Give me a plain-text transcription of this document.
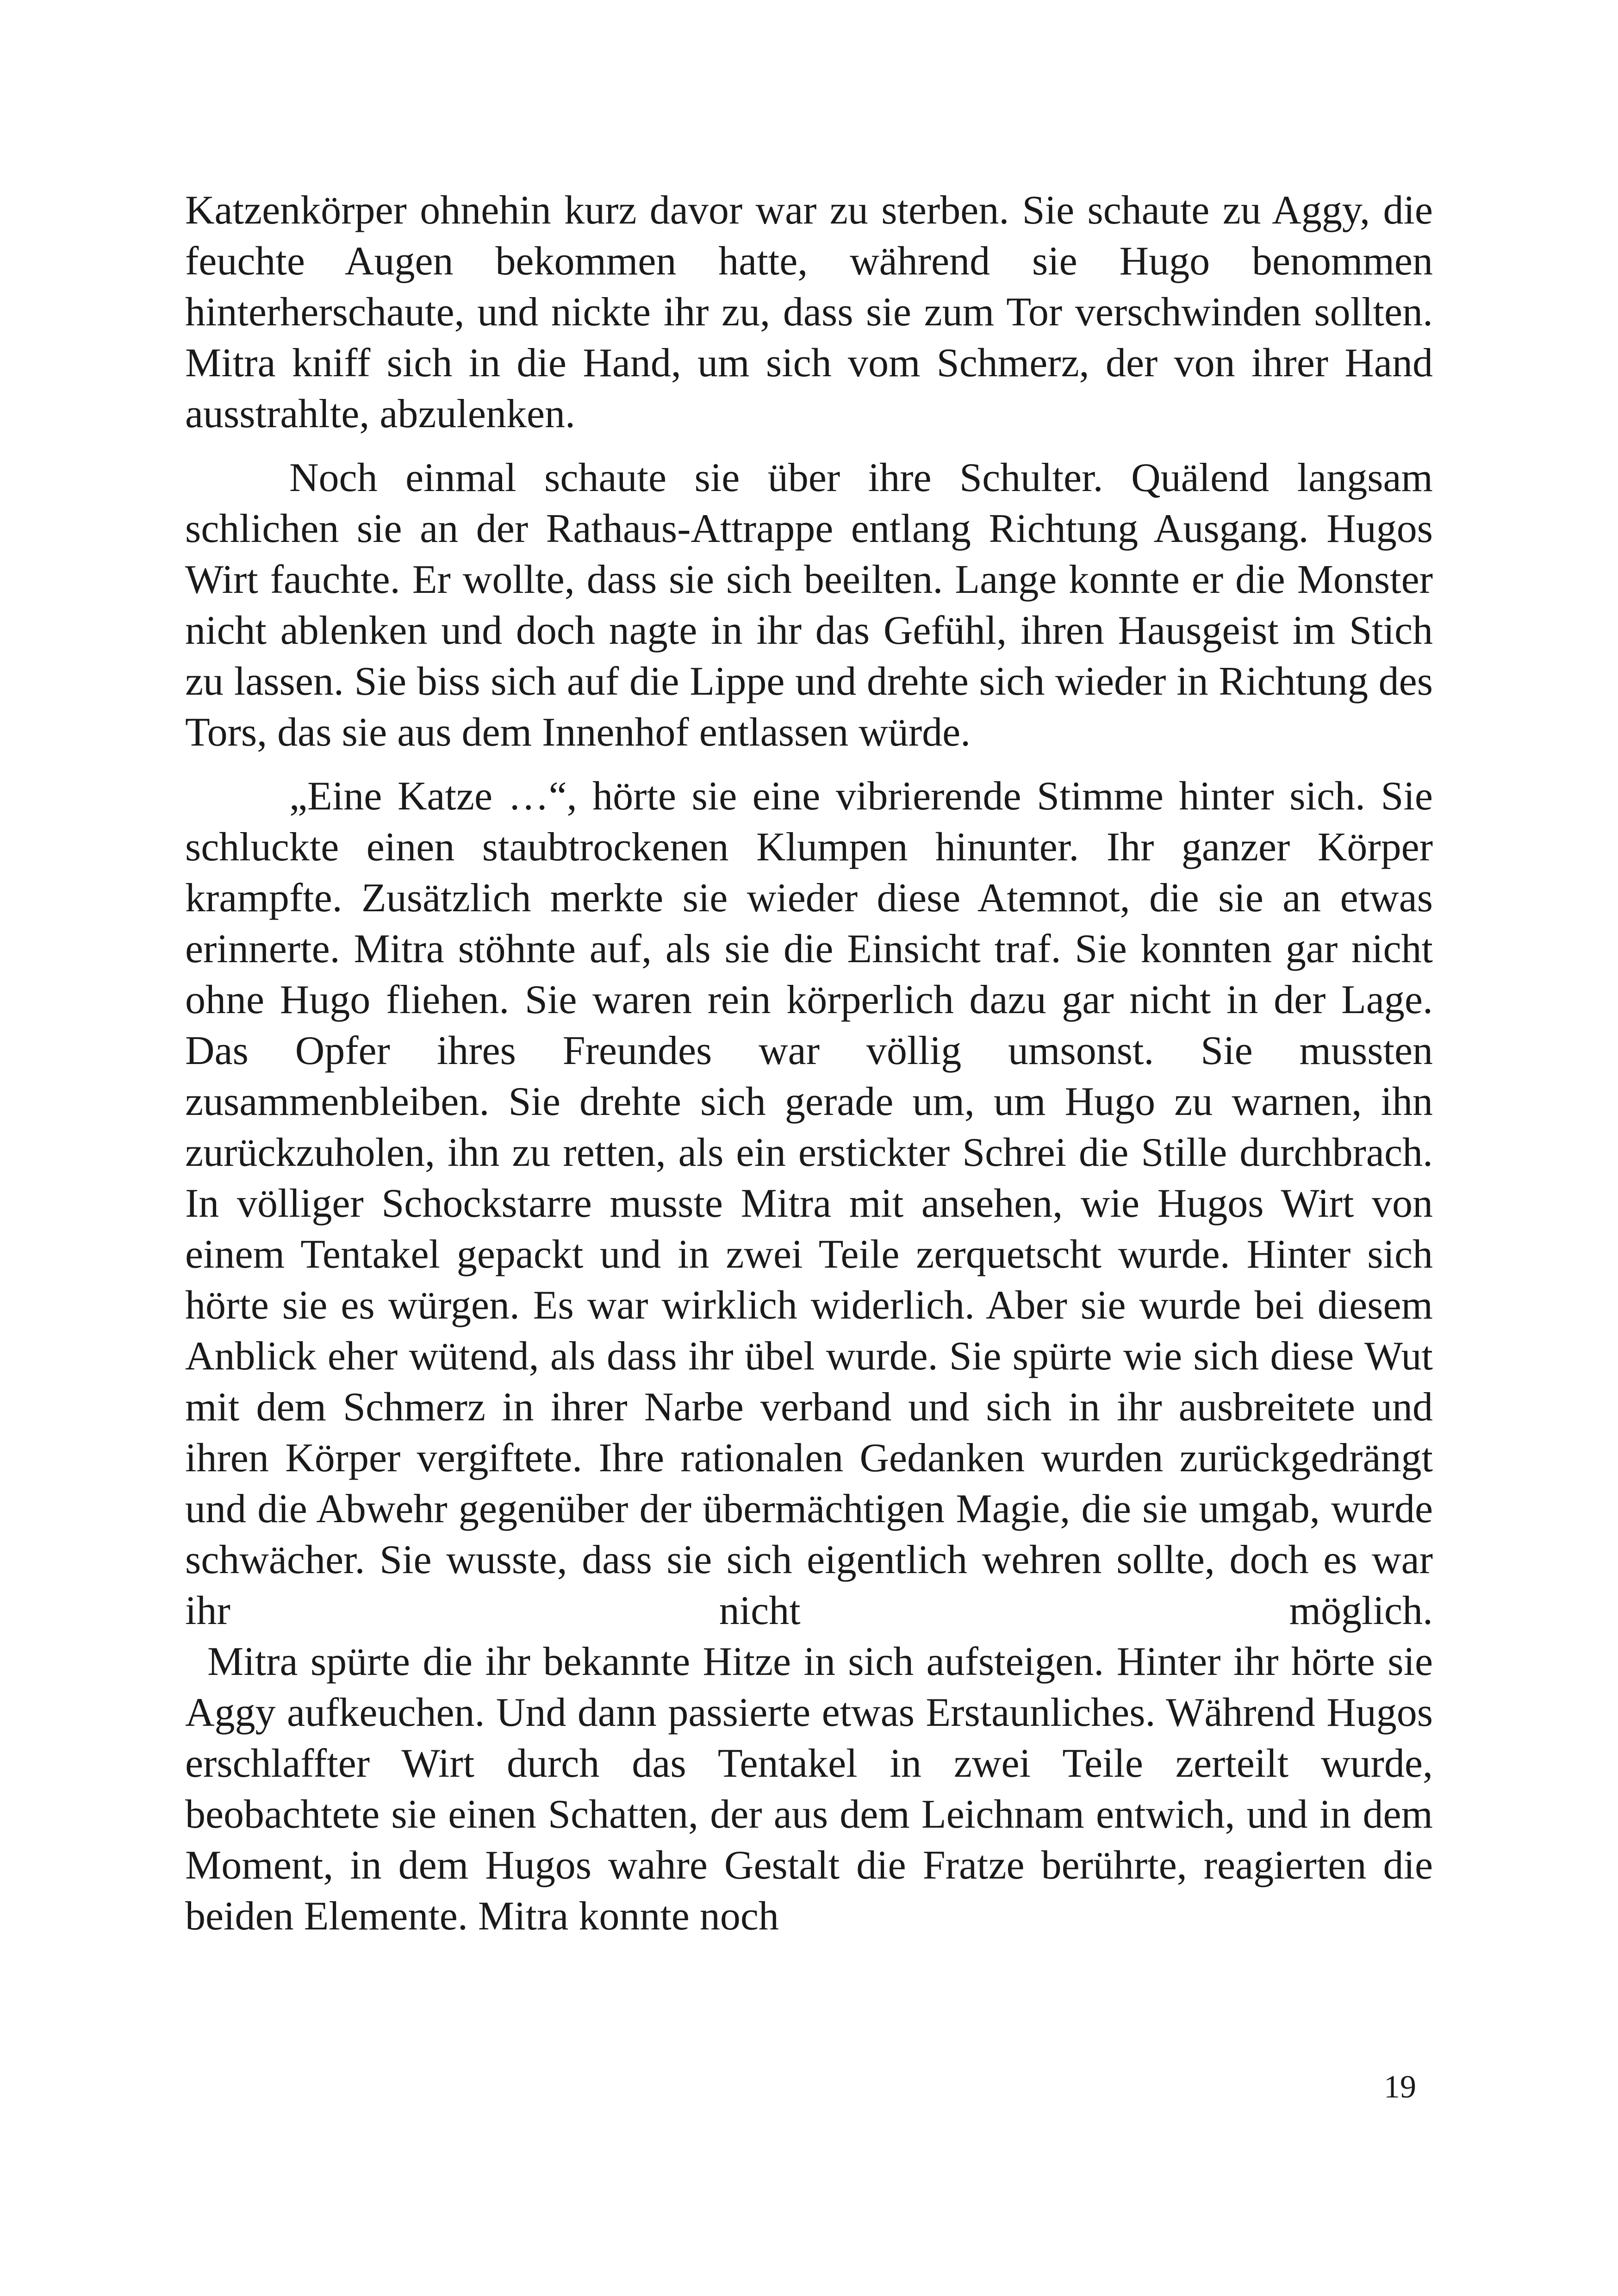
Katzenkörper ohnehin kurz davor war zu sterben. Sie schaute zu Aggy, die feuchte Augen bekommen hatte, während sie Hugo benommen hinterherschaute, und nickte ihr zu, dass sie zum Tor verschwinden sollten. Mitra kniff sich in die Hand, um sich vom Schmerz, der von ihrer Hand ausstrahlte, abzulenken.

Noch einmal schaute sie über ihre Schulter. Quälend langsam schlichen sie an der Rathaus-Attrappe entlang Richtung Ausgang. Hugos Wirt fauchte. Er wollte, dass sie sich beeilten. Lange konnte er die Monster nicht ablenken und doch nagte in ihr das Gefühl, ihren Hausgeist im Stich zu lassen. Sie biss sich auf die Lippe und drehte sich wieder in Richtung des Tors, das sie aus dem Innenhof entlassen würde.

„Eine Katze …“, hörte sie eine vibrierende Stimme hinter sich. Sie schluckte einen staubtrockenen Klumpen hinunter. Ihr ganzer Körper krampfte. Zusätzlich merkte sie wieder diese Atemnot, die sie an etwas erinnerte. Mitra stöhnte auf, als sie die Einsicht traf. Sie konnten gar nicht ohne Hugo fliehen. Sie waren rein körperlich dazu gar nicht in der Lage. Das Opfer ihres Freundes war völlig umsonst. Sie mussten zusammenbleiben. Sie drehte sich gerade um, um Hugo zu warnen, ihn zurückzuholen, ihn zu retten, als ein erstickter Schrei die Stille durchbrach. In völliger Schockstarre musste Mitra mit ansehen, wie Hugos Wirt von einem Tentakel gepackt und in zwei Teile zerquetscht wurde. Hinter sich hörte sie es würgen. Es war wirklich widerlich. Aber sie wurde bei diesem Anblick eher wütend, als dass ihr übel wurde. Sie spürte wie sich diese Wut mit dem Schmerz in ihrer Narbe verband und sich in ihr ausbreitete und ihren Körper vergiftete. Ihre rationalen Gedanken wurden zurückgedrängt und die Abwehr gegenüber der übermächtigen Magie, die sie umgab, wurde schwächer. Sie wusste, dass sie sich eigentlich wehren sollte, doch es war ihr nicht möglich.

Mitra spürte die ihr bekannte Hitze in sich aufsteigen. Hinter ihr hörte sie Aggy aufkeuchen. Und dann passierte etwas Erstaunliches. Während Hugos erschlaffter Wirt durch das Tentakel in zwei Teile zerteilt wurde, beobachtete sie einen Schatten, der aus dem Leichnam entwich, und in dem Moment, in dem Hugos wahre Gestalt die Fratze berührte, reagierten die beiden Elemente. Mitra konnte noch

19
